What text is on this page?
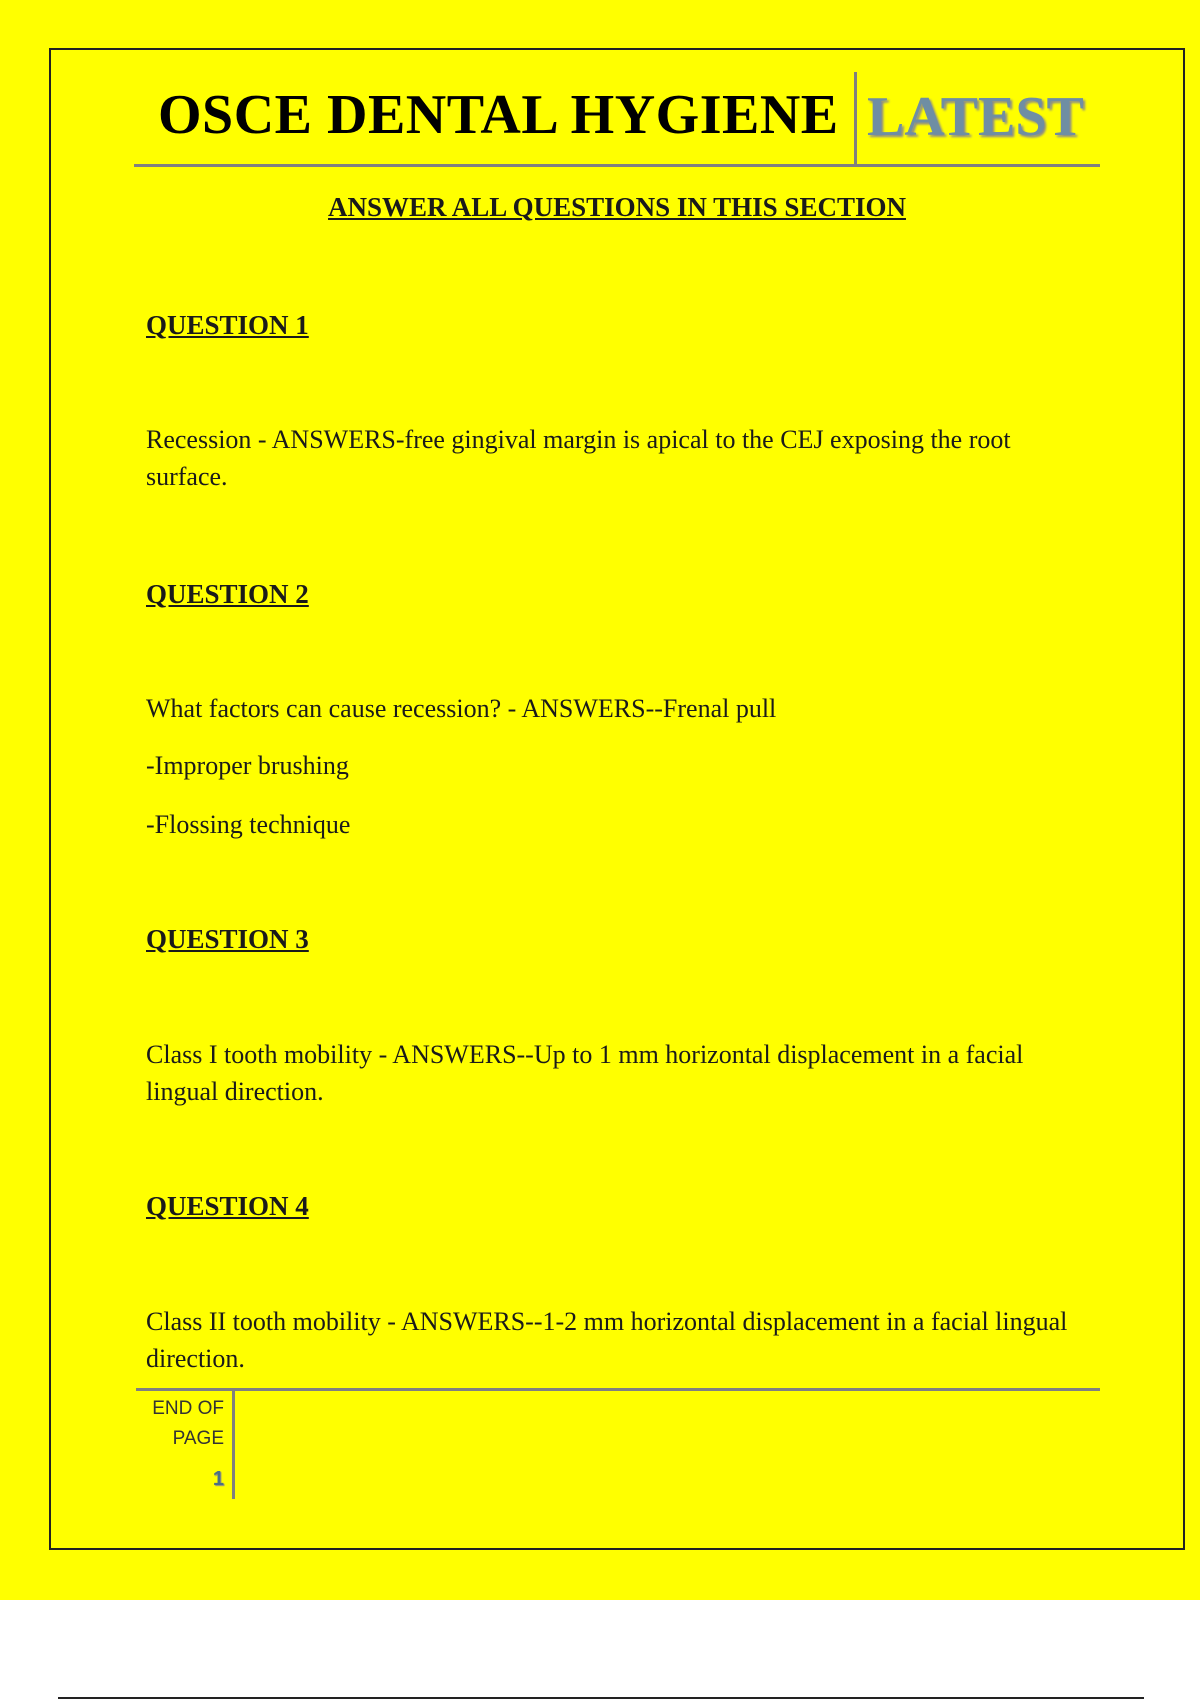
OSCE DENTAL HYGIENE LATEST
ANSWER ALL QUESTIONS IN THIS SECTION
QUESTION 1
Recession - ANSWERS-free gingival margin is apical to the CEJ exposing the root surface.
QUESTION 2
What factors can cause recession? - ANSWERS--Frenal pull
-Improper brushing
-Flossing technique
QUESTION 3
Class I tooth mobility - ANSWERS--Up to 1 mm horizontal displacement in a facial lingual direction.
QUESTION 4
Class II tooth mobility - ANSWERS--1-2 mm horizontal displacement in a facial lingual direction.
END OF
PAGE
1
